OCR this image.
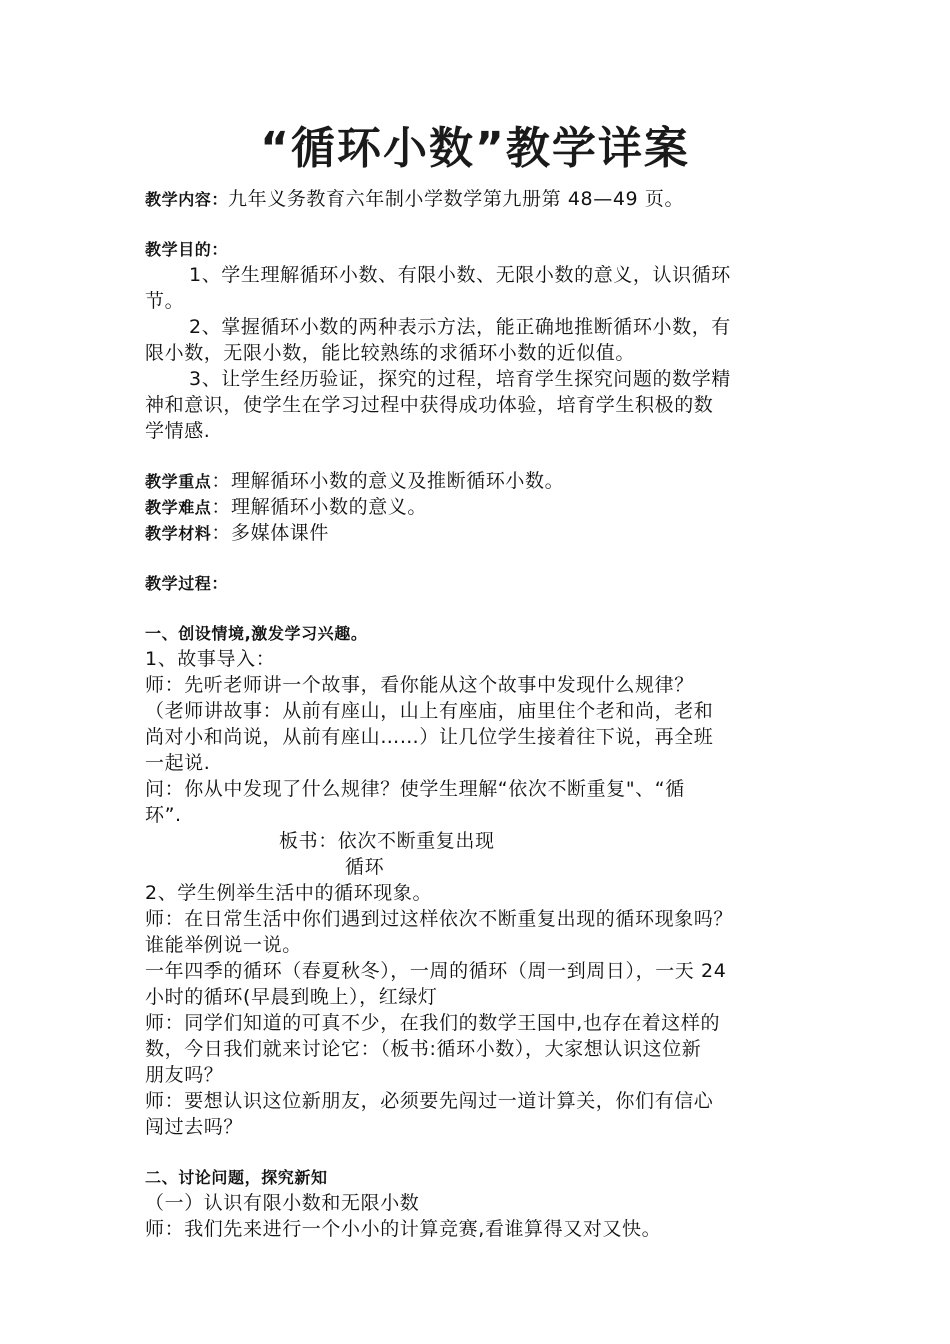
“循环小数”教学详案
教学内容：九年义务教育六年制小学数学第九册第 48—49 页。
教学目的：
1、学生理解循环小数、有限小数、无限小数的意义，认识循环
节。
2、掌握循环小数的两种表示方法，能正确地推断循环小数，有
限小数，无限小数，能比较熟练的求循环小数的近似值。
3、让学生经历验证，探究的过程，培育学生探究问题的数学精
神和意识，使学生在学习过程中获得成功体验，培育学生积极的数
学情感.
教学重点：理解循环小数的意义及推断循环小数。
教学难点：理解循环小数的意义。
教学材料：多媒体课件
教学过程：
一、创设情境,激发学习兴趣。
1、故事导入：
师：先听老师讲一个故事，看你能从这个故事中发现什么规律？
（老师讲故事：从前有座山，山上有座庙，庙里住个老和尚，老和
尚对小和尚说，从前有座山……）让几位学生接着往下说，再全班
一起说.
问：你从中发现了什么规律？使学生理解“依次不断重复"、“循
环”.
板书：依次不断重复出现
循环
2、学生例举生活中的循环现象。
师：在日常生活中你们遇到过这样依次不断重复出现的循环现象吗？
谁能举例说一说。
一年四季的循环（春夏秋冬），一周的循环（周一到周日），一天 24
小时的循环(早晨到晚上），红绿灯
师：同学们知道的可真不少，在我们的数学王国中,也存在着这样的
数，今日我们就来讨论它：（板书:循环小数），大家想认识这位新
朋友吗？
师：要想认识这位新朋友，必须要先闯过一道计算关，你们有信心
闯过去吗？
二、讨论问题，探究新知
（一）认识有限小数和无限小数
师：我们先来进行一个小小的计算竞赛,看谁算得又对又快。
